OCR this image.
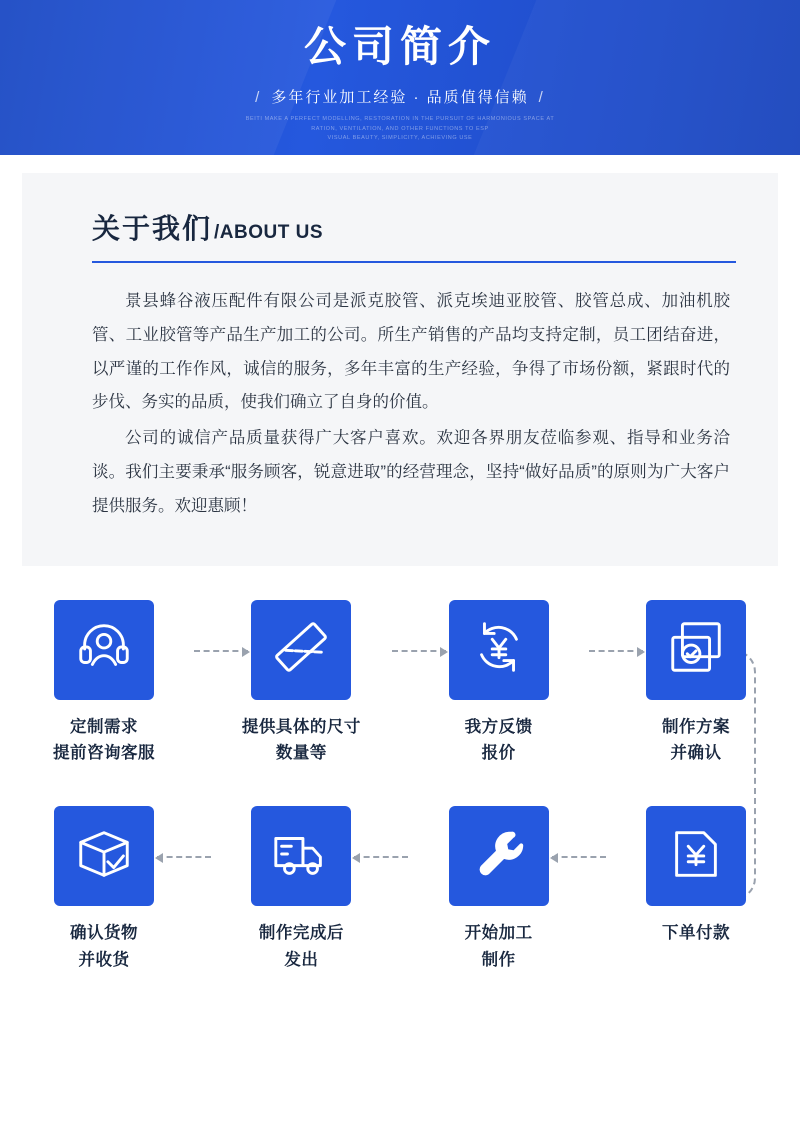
公司简介
/ 多年行业加工经验 · 品质值得信赖 /
BEITI MAKE A PERFECT MODELLING, RESTORATION IN THE PURSUIT OF HARMONIOUS SPACE AT
RATION, VENTILATION, AND OTHER FUNCTIONS TO ESP
VISUAL BEAUTY, SIMPLICITY, ACHIEVING USE
关于我们 /ABOUT US

景县蜂谷液压配件有限公司是派克胶管、派克埃迪亚胶管、胶管总成、加油机胶管、工业胶管等产品生产加工的公司。所生产销售的产品均支持定制，员工团结奋进，以严谨的工作作风，诚信的服务，多年丰富的生产经验，争得了市场份额，紧跟时代的步伐、务实的品质，使我们确立了自身的价值。

公司的诚信产品质量获得广大客户喜欢。欢迎各界朋友莅临参观、指导和业务洽谈。我们主要秉承“服务顾客，锐意进取”的经营理念，坚持“做好品质”的原则为广大客户提供服务。欢迎惠顾！

定制需求
提前咨询客服
提供具体的尺寸
数量等
我方反馈
报价
制作方案
并确认
下单付款
开始加工
制作
制作完成后
发出
确认货物
并收货
